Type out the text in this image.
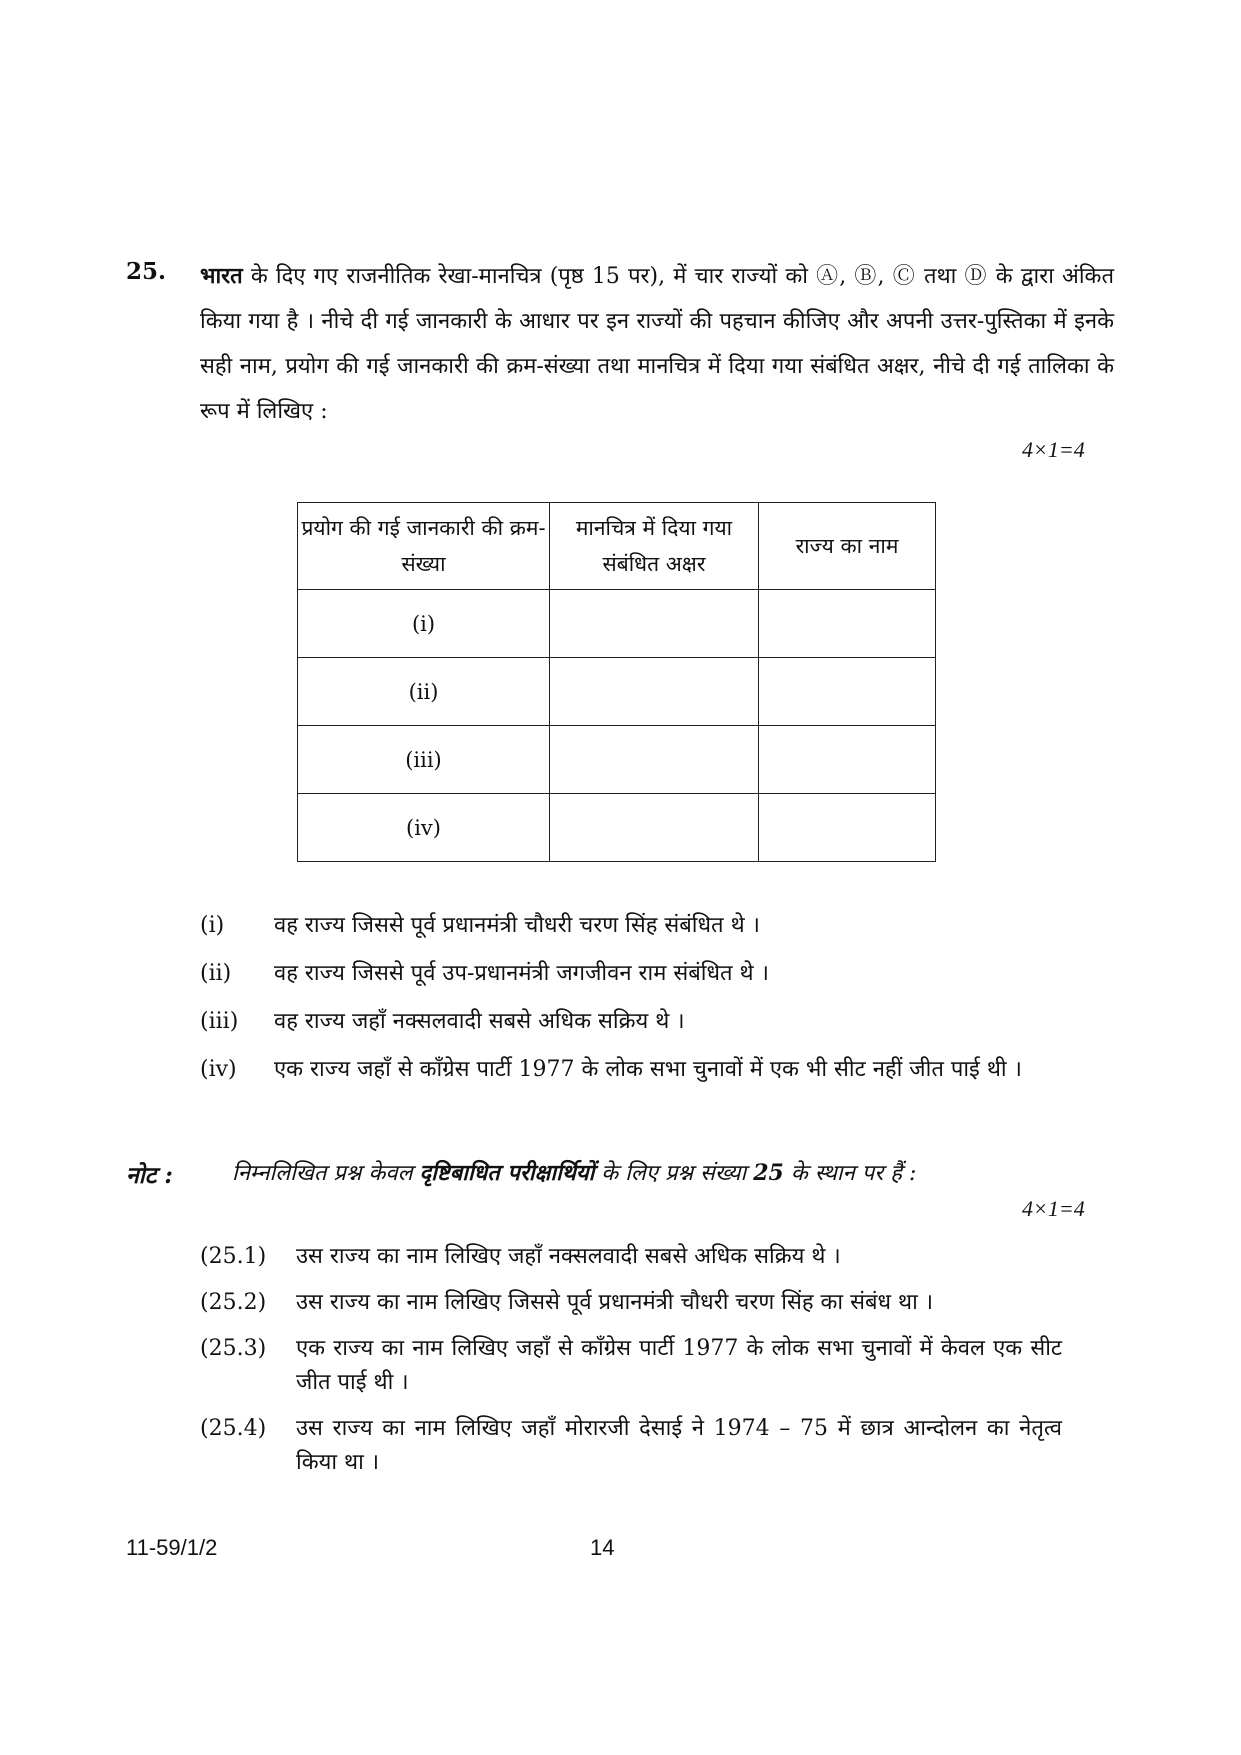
25. भारत के दिए गए राजनीतिक रेखा-मानचित्र (पृष्ठ 15 पर), में चार राज्यों को Ⓐ, Ⓑ, Ⓒ तथा Ⓓ के द्वारा अंकित किया गया है । नीचे दी गई जानकारी के आधार पर इन राज्यों की पहचान कीजिए और अपनी उत्तर-पुस्तिका में इनके सही नाम, प्रयोग की गई जानकारी की क्रम-संख्या तथा मानचित्र में दिया गया संबंधित अक्षर, नीचे दी गई तालिका के रूप में लिखिए :
4×1=4
प्रयोग की गई जानकारी की क्रम-संख्या	मानचित्र में दिया गया संबंधित अक्षर	राज्य का नाम
(i)		
(ii)		
(iii)		
(iv)		
(i) वह राज्य जिससे पूर्व प्रधानमंत्री चौधरी चरण सिंह संबंधित थे ।
(ii) वह राज्य जिससे पूर्व उप-प्रधानमंत्री जगजीवन राम संबंधित थे ।
(iii) वह राज्य जहाँ नक्सलवादी सबसे अधिक सक्रिय थे ।
(iv) एक राज्य जहाँ से काँग्रेस पार्टी 1977 के लोक सभा चुनावों में एक भी सीट नहीं जीत पाई थी ।
नोट :	निम्नलिखित प्रश्न केवल दृष्टिबाधित परीक्षार्थियों के लिए प्रश्न संख्या 25 के स्थान पर हैं :
4×1=4
(25.1) उस राज्य का नाम लिखिए जहाँ नक्सलवादी सबसे अधिक सक्रिय थे ।
(25.2) उस राज्य का नाम लिखिए जिससे पूर्व प्रधानमंत्री चौधरी चरण सिंह का संबंध था ।
(25.3) एक राज्य का नाम लिखिए जहाँ से काँग्रेस पार्टी 1977 के लोक सभा चुनावों में केवल एक सीट जीत पाई थी ।
(25.4) उस राज्य का नाम लिखिए जहाँ मोरारजी देसाई ने 1974 – 75 में छात्र आन्दोलन का नेतृत्व किया था ।
11-59/1/2	14
